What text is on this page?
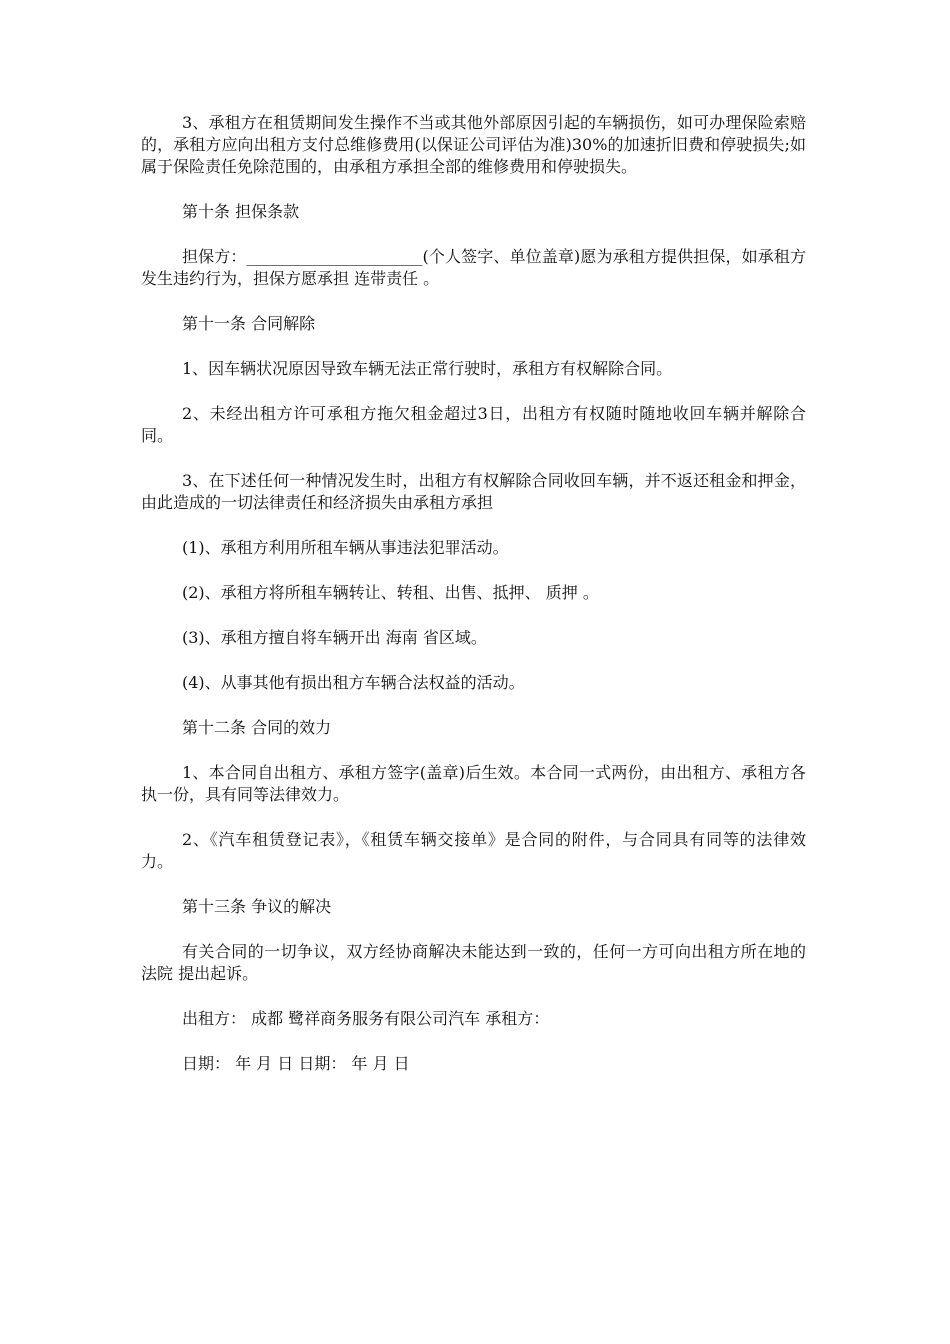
3、承租方在租赁期间发生操作不当或其他外部原因引起的车辆损伤，如可办理保险索赔的，承租方应向出租方支付总维修费用(以保证公司评估为准)30%的加速折旧费和停驶损失;如属于保险责任免除范围的，由承租方承担全部的维修费用和停驶损失。

第十条 担保条款

担保方：______________________(个人签字、单位盖章)愿为承租方提供担保，如承租方发生违约行为，担保方愿承担 连带责任 。

第十一条 合同解除

1、因车辆状况原因导致车辆无法正常行驶时，承租方有权解除合同。

2、未经出租方许可承租方拖欠租金超过3日，出租方有权随时随地收回车辆并解除合同。

3、在下述任何一种情况发生时，出租方有权解除合同收回车辆，并不返还租金和押金，由此造成的一切法律责任和经济损失由承租方承担

(1)、承租方利用所租车辆从事违法犯罪活动。

(2)、承租方将所租车辆转让、转租、出售、抵押、 质押 。

(3)、承租方擅自将车辆开出 海南 省区域。

(4)、从事其他有损出租方车辆合法权益的活动。

第十二条 合同的效力

1、本合同自出租方、承租方签字(盖章)后生效。本合同一式两份，由出租方、承租方各执一份，具有同等法律效力。

2、《汽车租赁登记表》，《租赁车辆交接单》是合同的附件，与合同具有同等的法律效力。

第十三条 争议的解决

有关合同的一切争议，双方经协商解决未能达到一致的，任何一方可向出租方所在地的 法院 提出起诉。

出租方： 成都 鹭祥商务服务有限公司汽车 承租方：

日期： 年 月 日 日期： 年 月 日
